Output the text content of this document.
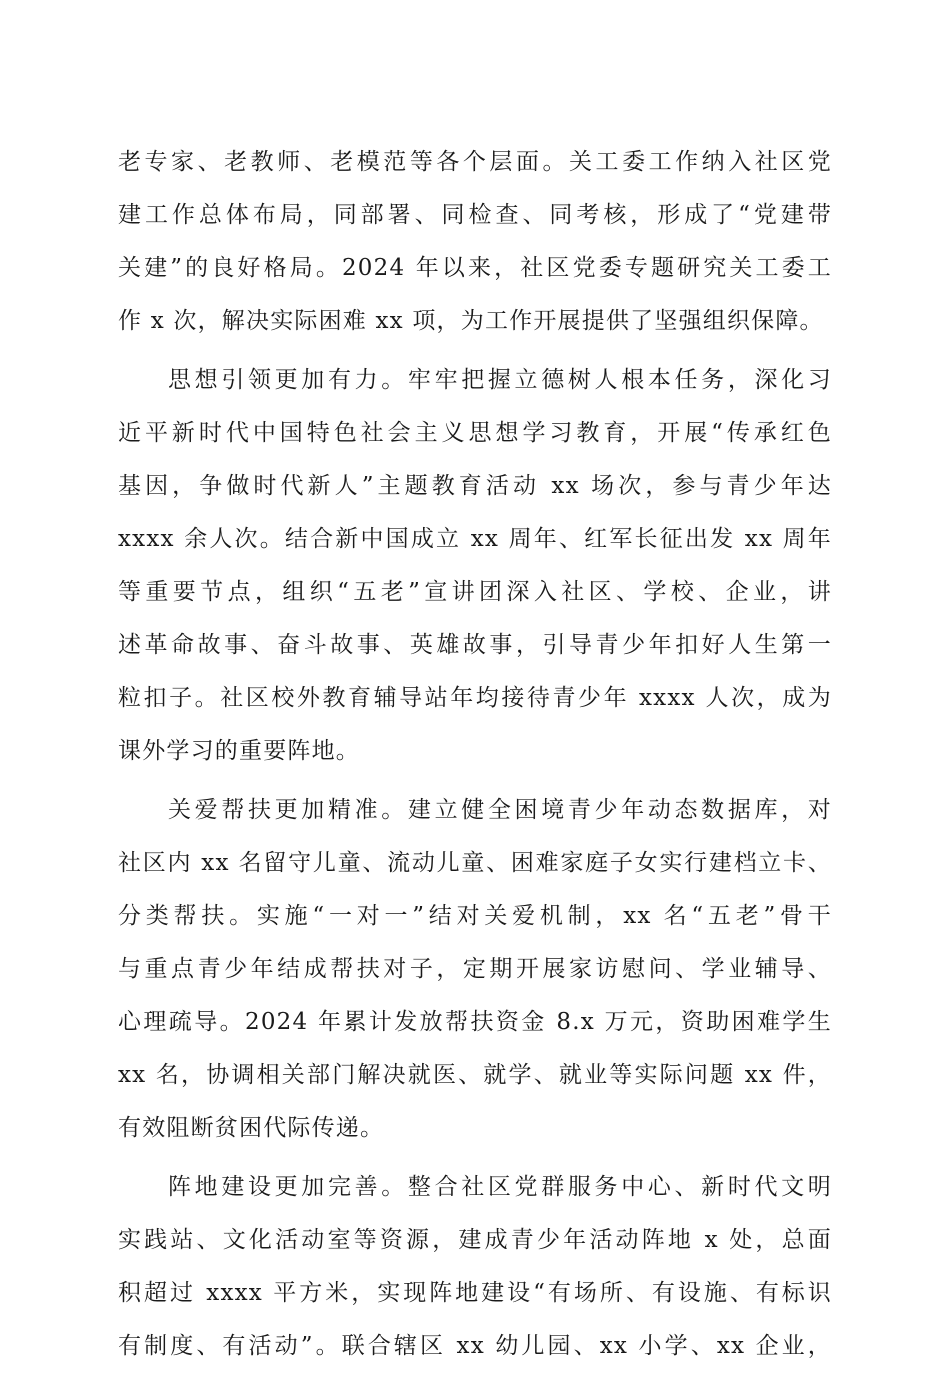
老专家、老教师、老模范等各个层面。关工委工作纳入社区党
建工作总体布局，同部署、同检查、同考核，形成了“党建带
关建”的良好格局。2024 年以来，社区党委专题研究关工委工
作 x 次，解决实际困难 xx 项，为工作开展提供了坚强组织保障。
思想引领更加有力。牢牢把握立德树人根本任务，深化习
近平新时代中国特色社会主义思想学习教育，开展“传承红色
基因，争做时代新人”主题教育活动 xx 场次，参与青少年达
xxxx 余人次。结合新中国成立 xx 周年、红军长征出发 xx 周年
等重要节点，组织“五老”宣讲团深入社区、学校、企业，讲
述革命故事、奋斗故事、英雄故事，引导青少年扣好人生第一
粒扣子。社区校外教育辅导站年均接待青少年 xxxx 人次，成为
课外学习的重要阵地。
关爱帮扶更加精准。建立健全困境青少年动态数据库，对
社区内 xx 名留守儿童、流动儿童、困难家庭子女实行建档立卡、
分类帮扶。实施“一对一”结对关爱机制，xx 名“五老”骨干
与重点青少年结成帮扶对子，定期开展家访慰问、学业辅导、
心理疏导。2024 年累计发放帮扶资金 8.x 万元，资助困难学生
xx 名，协调相关部门解决就医、就学、就业等实际问题 xx 件，
有效阻断贫困代际传递。
阵地建设更加完善。整合社区党群服务中心、新时代文明
实践站、文化活动室等资源，建成青少年活动阵地 x 处，总面
积超过 xxxx 平方米，实现阵地建设“有场所、有设施、有标识
有制度、有活动”。联合辖区 xx 幼儿园、xx 小学、xx 企业，
